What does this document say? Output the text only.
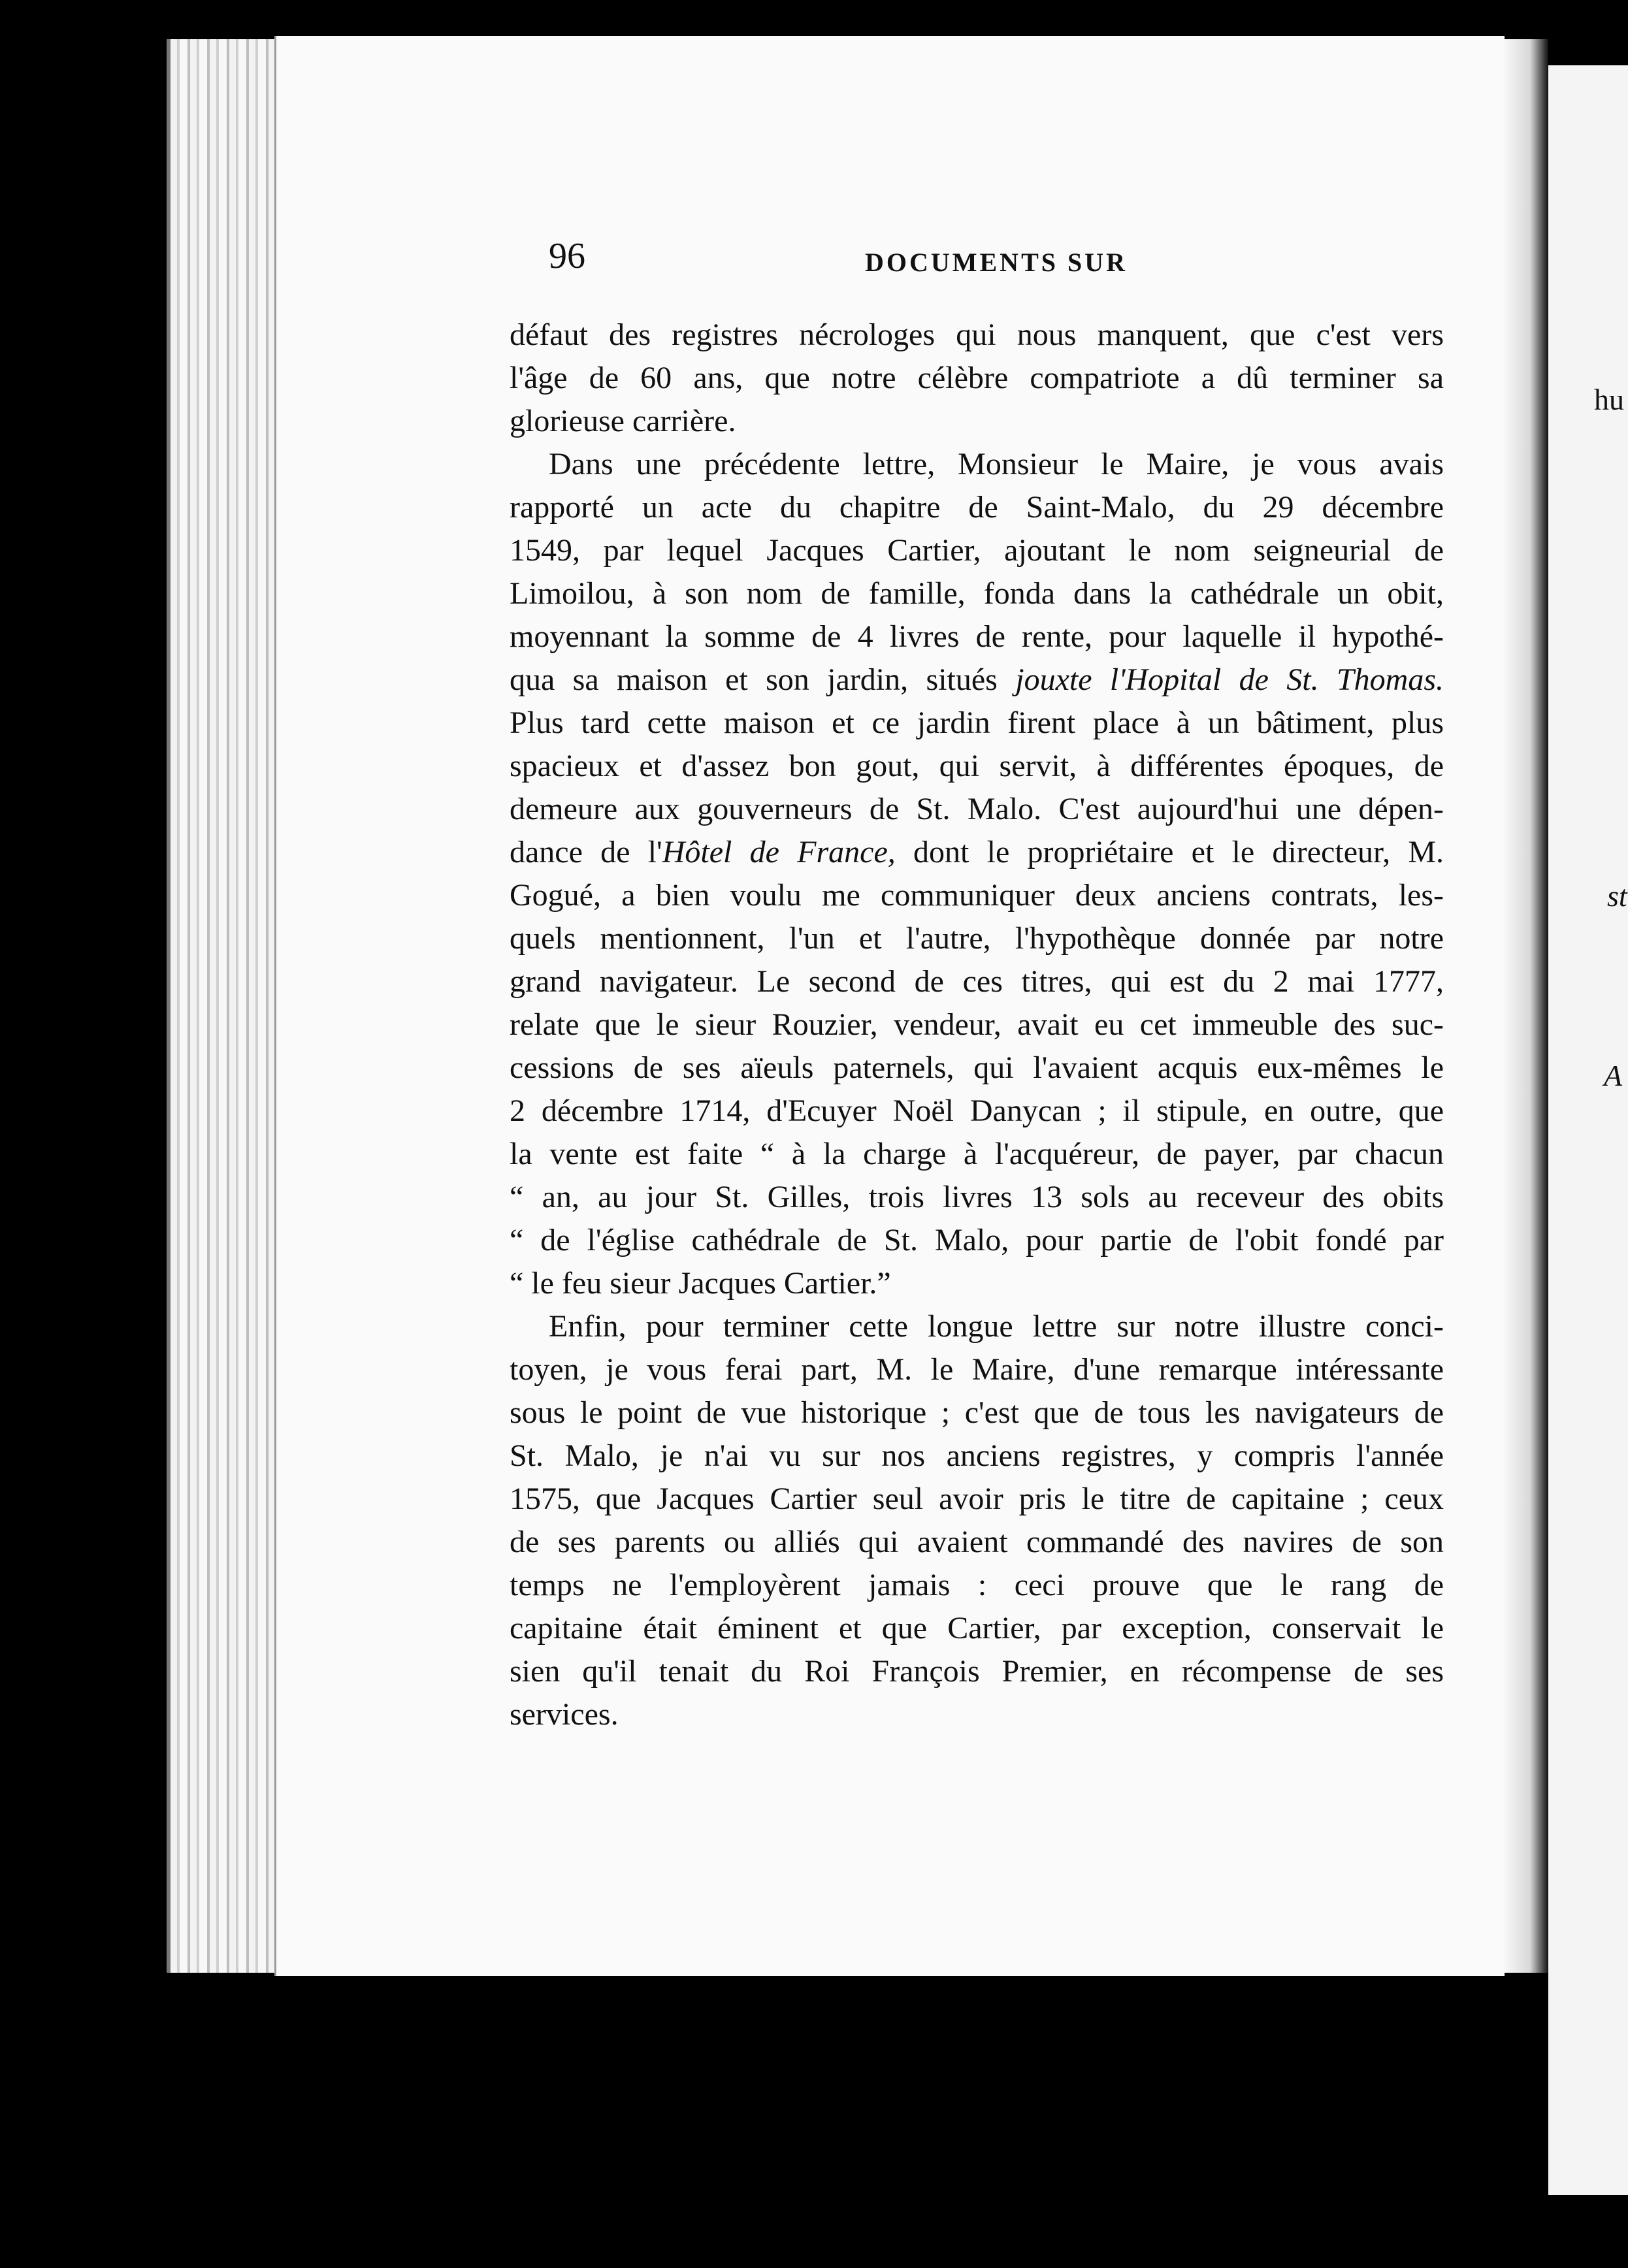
96	DOCUMENTS SUR

défaut des registres nécrologes qui nous manquent, que c'est vers
l'âge de 60 ans, que notre célèbre compatriote a dû terminer sa
glorieuse carrière.

Dans une précédente lettre, Monsieur le Maire, je vous avais
rapporté un acte du chapitre de Saint-Malo, du 29 décembre
1549, par lequel Jacques Cartier, ajoutant le nom seigneurial de
Limoilou, à son nom de famille, fonda dans la cathédrale un obit,
moyennant la somme de 4 livres de rente, pour laquelle il hypothé-
qua sa maison et son jardin, situés jouxte l'Hopital de St. Thomas.
Plus tard cette maison et ce jardin firent place à un bâtiment, plus
spacieux et d'assez bon gout, qui servit, à différentes époques, de
demeure aux gouverneurs de St. Malo. C'est aujourd'hui une dépen-
dance de l'Hôtel de France, dont le propriétaire et le directeur, M.
Gogué, a bien voulu me communiquer deux anciens contrats, les-
quels mentionnent, l'un et l'autre, l'hypothèque donnée par notre
grand navigateur. Le second de ces titres, qui est du 2 mai 1777,
relate que le sieur Rouzier, vendeur, avait eu cet immeuble des suc-
cessions de ses aïeuls paternels, qui l'avaient acquis eux-mêmes le
2 décembre 1714, d'Ecuyer Noël Danycan ; il stipule, en outre, que
la vente est faite “ à la charge à l'acquéreur, de payer, par chacun
“ an, au jour St. Gilles, trois livres 13 sols au receveur des obits
“ de l'église cathédrale de St. Malo, pour partie de l'obit fondé par
“ le feu sieur Jacques Cartier.”

Enfin, pour terminer cette longue lettre sur notre illustre conci-
toyen, je vous ferai part, M. le Maire, d'une remarque intéressante
sous le point de vue historique ; c'est que de tous les navigateurs de
St. Malo, je n'ai vu sur nos anciens registres, y compris l'année
1575, que Jacques Cartier seul avoir pris le titre de capitaine ; ceux
de ses parents ou alliés qui avaient commandé des navires de son
temps ne l'employèrent jamais : ceci prouve que le rang de
capitaine était éminent et que Cartier, par exception, conservait le
sien qu'il tenait du Roi François Premier, en récompense de ses
services.

hu
st
A
